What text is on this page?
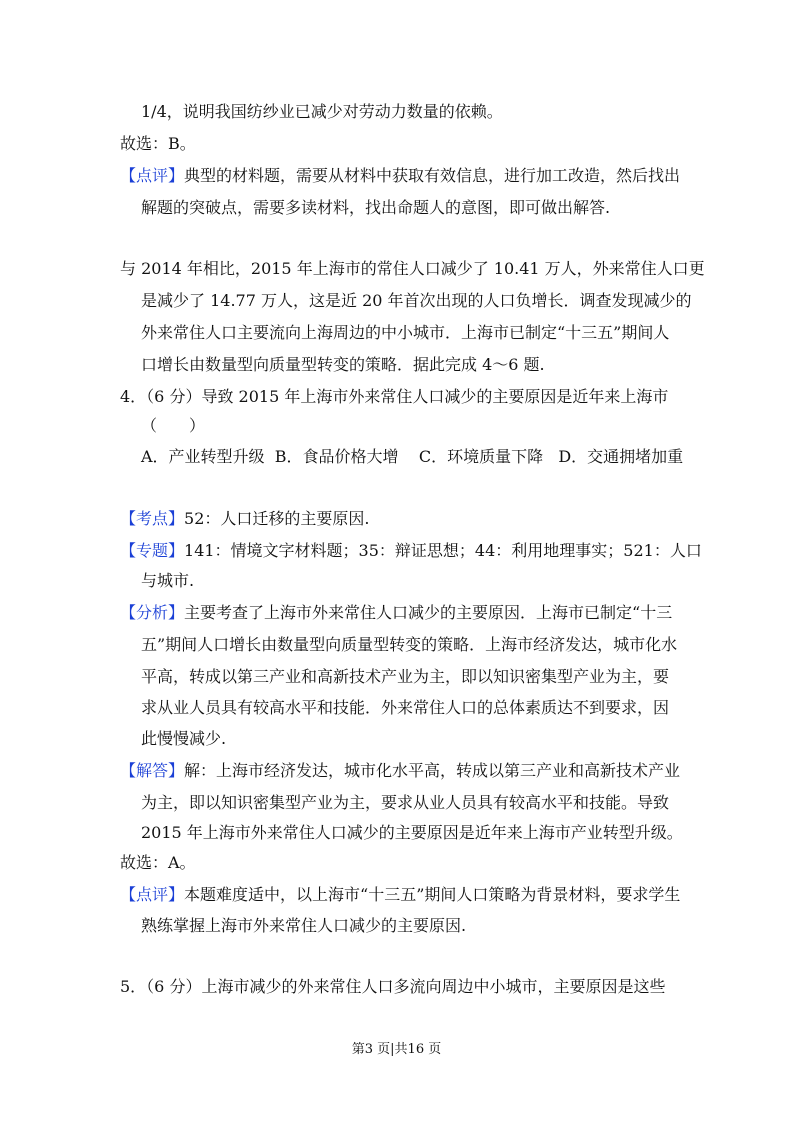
1/4，说明我国纺纱业已减少对劳动力数量的依赖。
故选：B。
【点评】典型的材料题，需要从材料中获取有效信息，进行加工改造，然后找出
解题的突破点，需要多读材料，找出命题人的意图，即可做出解答.
与 2014 年相比，2015 年上海市的常住人口减少了 10.41 万人，外来常住人口更
是减少了 14.77 万人，这是近 20 年首次出现的人口负增长．调查发现减少的
外来常住人口主要流向上海周边的中小城市．上海市已制定“十三五”期间人
口增长由数量型向质量型转变的策略．据此完成 4～6 题.
4．（6 分）导致 2015 年上海市外来常住人口减少的主要原因是近年来上海市
（　　）
A．产业转型升级  B．食品价格大增    C．环境质量下降   D．交通拥堵加重
【考点】52：人口迁移的主要原因.
【专题】141：情境文字材料题；35：辩证思想；44：利用地理事实；521：人口
与城市.
【分析】主要考查了上海市外来常住人口减少的主要原因．上海市已制定“十三
五”期间人口增长由数量型向质量型转变的策略．上海市经济发达，城市化水
平高，转成以第三产业和高新技术产业为主，即以知识密集型产业为主，要
求从业人员具有较高水平和技能．外来常住人口的总体素质达不到要求，因
此慢慢减少.
【解答】解：上海市经济发达，城市化水平高，转成以第三产业和高新技术产业
为主，即以知识密集型产业为主，要求从业人员具有较高水平和技能。导致
2015 年上海市外来常住人口减少的主要原因是近年来上海市产业转型升级。
故选：A。
【点评】本题难度适中，以上海市“十三五”期间人口策略为背景材料，要求学生
熟练掌握上海市外来常住人口减少的主要原因.
5．（6 分）上海市减少的外来常住人口多流向周边中小城市，主要原因是这些
第3 页|共16 页
